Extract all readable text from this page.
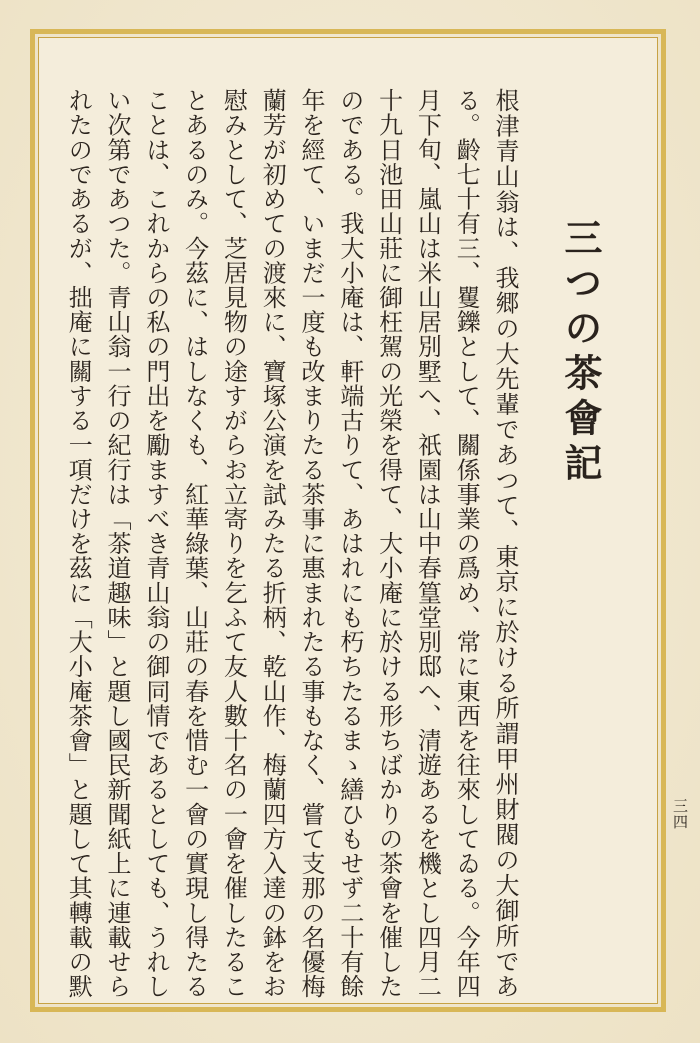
三つの茶會記

根津青山翁は、我郷の大先輩であつて、東京に於ける所謂甲州財閥の大御所であ

る。齡七十有三、矍鑠として、關係事業の爲め、常に東西を往來してゐる。今年四

月下旬、嵐山は米山居別墅へ、祇園は山中春篁堂別邸へ、清遊あるを機とし四月二

十九日池田山莊に御枉駕の光榮を得て、大小庵に於ける形ちばかりの茶會を催した

のである。我大小庵は、軒端古りて、あはれにも朽ちたるまゝ繕ひもせず二十有餘

年を經て、いまだ一度も改まりたる茶事に惠まれたる事もなく、嘗て支那の名優梅

蘭芳が初めての渡來に、寶塚公演を試みたる折柄、乾山作、梅蘭四方入達の鉢をお

慰みとして、芝居見物の途すがらお立寄りを乞ふて友人數十名の一會を催したるこ

とあるのみ。今茲に、はしなくも、紅華綠葉、山莊の春を惜む一會の實現し得たる

ことは、これからの私の門出を勵ますべき青山翁の御同情であるとしても、うれし

い次第であつた。青山翁一行の紀行は「茶道趣味」と題し國民新聞紙上に連載せら

れたのであるが、拙庵に關する一項だけを茲に「大小庵茶會」と題して其轉載の默	三四
